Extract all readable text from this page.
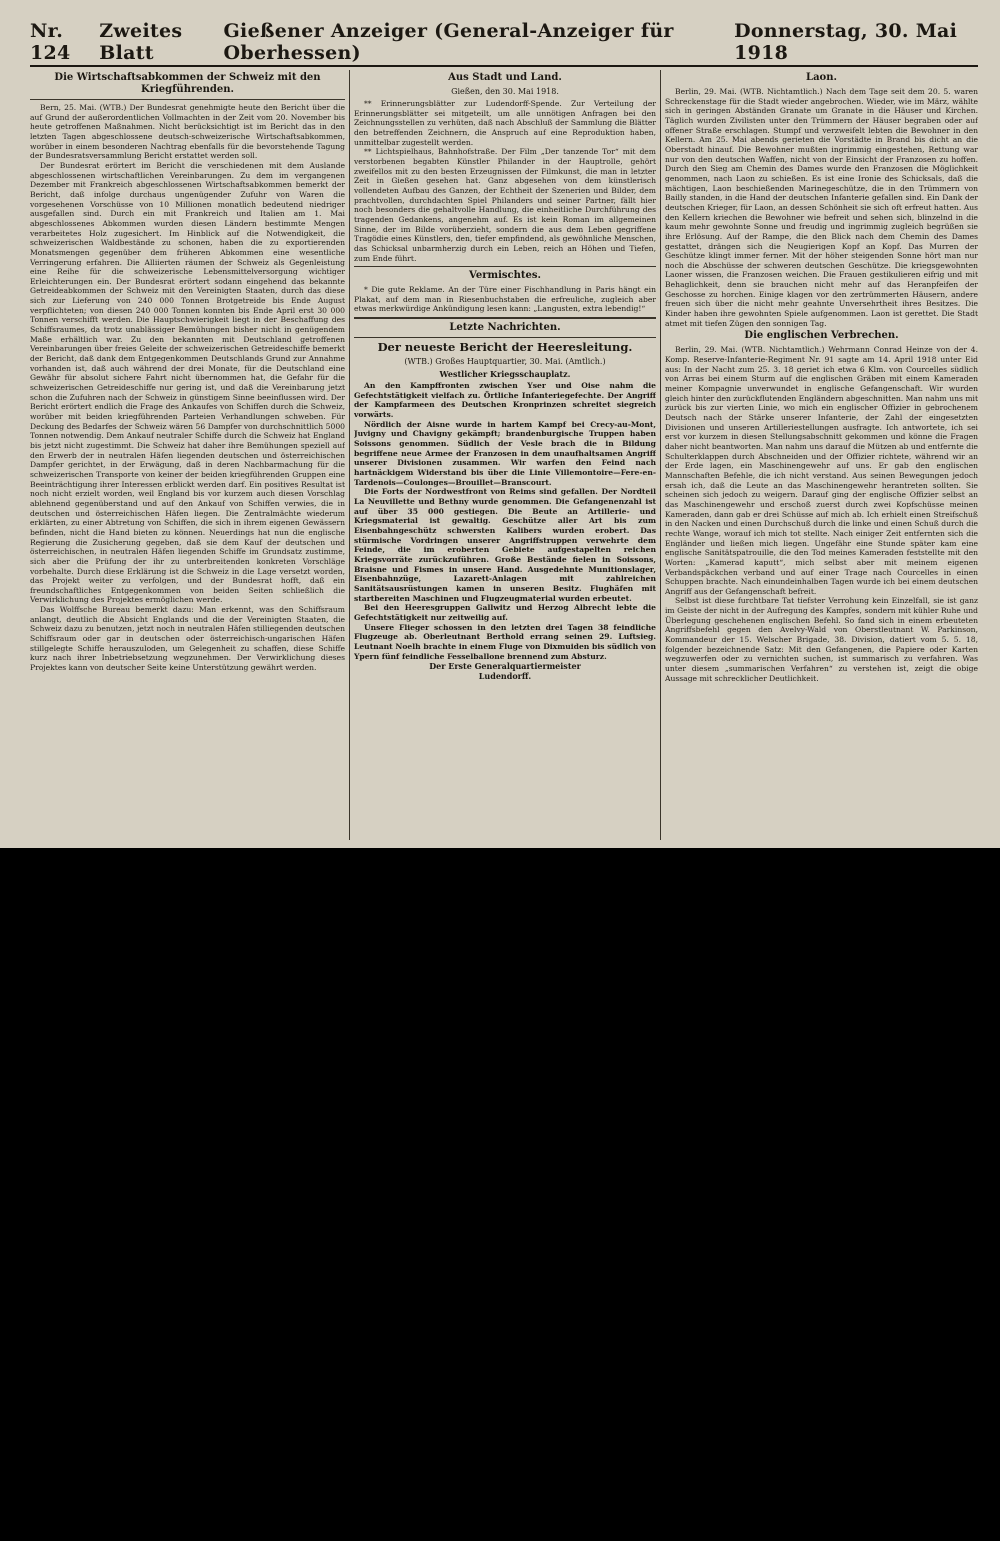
Nr. 124
Zweites Blatt
Gießener Anzeiger (General-Anzeiger für Oberhessen)
Donnerstag, 30. Mai 1918
Die Wirtschaftsabkommen der Schweiz mit den Kriegführenden.

Bern, 25. Mai. (WTB.) Der Bundesrat genehmigte heute den Bericht über die auf Grund der außerordentlichen Vollmachten in der Zeit vom 20. November bis heute getroffenen Maßnahmen. Nicht berücksichtigt ist im Bericht das in den letzten Tagen abgeschlossene deutsch-schweizerische Wirtschaftsabkommen, worüber in einem besonderen Nachtrag ebenfalls für die bevorstehende Tagung der Bundesratsversammlung Bericht erstattet werden soll.

Der Bundesrat erörtert im Bericht die verschiedenen mit dem Auslande abgeschlossenen wirtschaftlichen Vereinbarungen. Zu dem im vergangenen Dezember mit Frankreich abgeschlossenen Wirtschaftsabkommen bemerkt der Bericht, daß infolge durchaus ungenügender Zufuhr von Waren die vorgesehenen Vorschüsse von 10 Millionen monatlich bedeutend niedriger ausgefallen sind. Durch ein mit Frankreich und Italien am 1. Mai abgeschlossenes Abkommen wurden diesen Ländern bestimmte Mengen verarbeitetes Holz zugesichert. Im Hinblick auf die Notwendigkeit, die schweizerischen Waldbestände zu schonen, haben die zu exportierenden Monatsmengen gegenüber dem früheren Abkommen eine wesentliche Verringerung erfahren. Die Alliierten räumen der Schweiz als Gegenleistung eine Reihe für die schweizerische Lebensmittelversorgung wichtiger Erleichterungen ein. Der Bundesrat erörtert sodann eingehend das bekannte Getreideabkommen der Schweiz mit den Vereinigten Staaten, durch das diese sich zur Lieferung von 240 000 Tonnen Brotgetreide bis Ende August verpflichteten; von diesen 240 000 Tonnen konnten bis Ende April erst 30 000 Tonnen verschifft werden. Die Hauptschwierigkeit liegt in der Beschaffung des Schiffsraumes, da trotz unablässiger Bemühungen bisher nicht in genügendem Maße erhältlich war. Zu den bekannten mit Deutschland getroffenen Vereinbarungen über freies Geleite der schweizerischen Getreideschiffe bemerkt der Bericht, daß dank dem Entgegenkommen Deutschlands Grund zur Annahme vorhanden ist, daß auch während der drei Monate, für die Deutschland eine Gewähr für absolut sichere Fahrt nicht übernommen hat, die Gefahr für die schweizerischen Getreideschiffe nur gering ist, und daß die Vereinbarung jetzt schon die Zufuhren nach der Schweiz in günstigem Sinne beeinflussen wird. Der Bericht erörtert endlich die Frage des Ankaufes von Schiffen durch die Schweiz, worüber mit beiden kriegführenden Parteien Verhandlungen schweben. Für Deckung des Bedarfes der Schweiz wären 56 Dampfer von durchschnittlich 5000 Tonnen notwendig. Dem Ankauf neutraler Schiffe durch die Schweiz hat England bis jetzt nicht zugestimmt. Die Schweiz hat daher ihre Bemühungen speziell auf den Erwerb der in neutralen Häfen liegenden deutschen und österreichischen Dampfer gerichtet, in der Erwägung, daß in deren Nachbarmachung für die schweizerischen Transporte von keiner der beiden kriegführenden Gruppen eine Beeinträchtigung ihrer Interessen erblickt werden darf. Ein positives Resultat ist noch nicht erzielt worden, weil England bis vor kurzem auch diesen Vorschlag ablehnend gegenüberstand und auf den Ankauf von Schiffen verwies, die in deutschen und österreichischen Häfen liegen. Die Zentralmächte wiederum erklärten, zu einer Abtretung von Schiffen, die sich in ihrem eigenen Gewässern befinden, nicht die Hand bieten zu können. Neuerdings hat nun die englische Regierung die Zusicherung gegeben, daß sie dem Kauf der deutschen und österreichischen, in neutralen Häfen liegenden Schiffe im Grundsatz zustimme, sich aber die Prüfung der ihr zu unterbreitenden konkreten Vorschläge vorbehalte. Durch diese Erklärung ist die Schweiz in die Lage versetzt worden, das Projekt weiter zu verfolgen, und der Bundesrat hofft, daß ein freundschaftliches Entgegenkommen von beiden Seiten schließlich die Verwirklichung des Projektes ermöglichen werde.

Das Wolffsche Bureau bemerkt dazu: Man erkennt, was den Schiffsraum anlangt, deutlich die Absicht Englands und die der Vereinigten Staaten, die Schweiz dazu zu benutzen, jetzt noch in neutralen Häfen stilliegenden deutschen Schiffsraum oder gar in deutschen oder österreichisch-ungarischen Häfen stillgelegte Schiffe herauszuloden, um Gelegenheit zu schaffen, diese Schiffe kurz nach ihrer Inbetriebsetzung wegzunehmen. Der Verwirklichung dieses Projektes kann von deutscher Seite keine Unterstützung gewährt werden.

Aus Stadt und Land.
Gießen, den 30. Mai 1918.

** Erinnerungsblätter zur Ludendorff-Spende. Zur Verteilung der Erinnerungsblätter sei mitgeteilt, um alle unnötigen Anfragen bei den Zeichnungsstellen zu verhüten, daß nach Abschluß der Sammlung die Blätter den betreffenden Zeichnern, die Anspruch auf eine Reproduktion haben, unmittelbar zugestellt werden.

** Lichtspielhaus, Bahnhofstraße. Der Film „Der tanzende Tor“ mit dem verstorbenen begabten Künstler Philander in der Hauptrolle, gehört zweifellos mit zu den besten Erzeugnissen der Filmkunst, die man in letzter Zeit in Gießen gesehen hat. Ganz abgesehen von dem künstlerisch vollendeten Aufbau des Ganzen, der Echtheit der Szenerien und Bilder, dem prachtvollen, durchdachten Spiel Philanders und seiner Partner, fällt hier noch besonders die gehaltvolle Handlung, die einheitliche Durchführung des tragenden Gedankens, angenehm auf. Es ist kein Roman im allgemeinen Sinne, der im Bilde vorüberzieht, sondern die aus dem Leben gegriffene Tragödie eines Künstlers, den, tiefer empfindend, als gewöhnliche Menschen, das Schicksal unbarmherzig durch ein Leben, reich an Höhen und Tiefen, zum Ende führt.

Vermischtes.

* Die gute Reklame. An der Türe einer Fischhandlung in Paris hängt ein Plakat, auf dem man in Riesenbuchstaben die erfreuliche, zugleich aber etwas merkwürdige Ankündigung lesen kann: „Langusten, extra lebendig!“

Letzte Nachrichten.
Der neueste Bericht der Heeresleitung.
(WTB.) Großes Hauptquartier, 30. Mai. (Amtlich.)
Westlicher Kriegsschauplatz.

An den Kampffronten zwischen Yser und Oise nahm die Gefechtstätigkeit vielfach zu. Örtliche Infanteriegefechte. Der Angriff der Kampfarmeen des Deutschen Kronprinzen schreitet siegreich vorwärts.

Nördlich der Aisne wurde in hartem Kampf bei Crecy-au-Mont, Juvigny und Chavigny gekämpft; brandenburgische Truppen haben Soissons genommen. Südlich der Vesle brach die in Bildung begriffene neue Armee der Franzosen in dem unaufhaltsamen Angriff unserer Divisionen zusammen. Wir warfen den Feind nach hartnäckigem Widerstand bis über die Linie Villemontoire—Fere-en-Tardenois—Coulonges—Brouillet—Branscourt.

Die Forts der Nordwestfront von Reims sind gefallen. Der Nordteil La Neuvillette und Bethny wurde genommen. Die Gefangenenzahl ist auf über 35 000 gestiegen. Die Beute an Artillerie- und Kriegsmaterial ist gewaltig. Geschütze aller Art bis zum Eisenbahngeschütz schwersten Kalibers wurden erobert. Das stürmische Vordringen unserer Angriffstruppen verwehrte dem Feinde, die im eroberten Gebiete aufgestapelten reichen Kriegsvorräte zurückzuführen. Große Bestände fielen in Soissons, Braisne und Fismes in unsere Hand. Ausgedehnte Munitionslager, Eisenbahnzüge, Lazarett-Anlagen mit zahlreichen Sanitätsausrüstungen kamen in unseren Besitz. Flughäfen mit startbereiten Maschinen und Flugzeugmaterial wurden erbeutet.

Bei den Heeresgruppen Gallwitz und Herzog Albrecht lebte die Gefechtstätigkeit nur zeitweilig auf.

Unsere Flieger schossen in den letzten drei Tagen 38 feindliche Flugzeuge ab. Oberleutnant Berthold errang seinen 29. Luftsieg. Leutnant Noelh brachte in einem Fluge von Dixmuiden bis südlich von Ypern fünf feindliche Fesselballone brennend zum Absturz.

Der Erste Generalquartiermeister
Ludendorff.
Laon.

Berlin, 29. Mai. (WTB. Nichtamtlich.) Nach dem Tage seit dem 20. 5. waren Schreckenstage für die Stadt wieder angebrochen. Wieder, wie im März, wählte sich in geringen Abständen Granate um Granate in die Häuser und Kirchen. Täglich wurden Zivilisten unter den Trümmern der Häuser begraben oder auf offener Straße erschlagen. Stumpf und verzweifelt lebten die Bewohner in den Kellern. Am 25. Mai abends gerieten die Vorstädte in Brand bis dicht an die Oberstadt hinauf. Die Bewohner mußten ingrimmig eingestehen, Rettung war nur von den deutschen Waffen, nicht von der Einsicht der Franzosen zu hoffen. Durch den Sieg am Chemin des Dames wurde den Franzosen die Möglichkeit genommen, nach Laon zu schießen. Es ist eine Ironie des Schicksals, daß die mächtigen, Laon beschießenden Marinegeschütze, die in den Trümmern von Bailly standen, in die Hand der deutschen Infanterie gefallen sind. Ein Dank der deutschen Krieger, für Laon, an dessen Schönheit sie sich oft erfreut hatten. Aus den Kellern kriechen die Bewohner wie befreit und sehen sich, blinzelnd in die kaum mehr gewohnte Sonne und freudig und ingrimmig zugleich begrüßen sie ihre Erlösung. Auf der Rampe, die den Blick nach dem Chemin des Dames gestattet, drängen sich die Neugierigen Kopf an Kopf. Das Murren der Geschütze klingt immer ferner. Mit der höher steigenden Sonne hört man nur noch die Abschüsse der schweren deutschen Geschütze. Die kriegsgewohnten Laoner wissen, die Franzosen weichen. Die Frauen gestikulieren eifrig und mit Behaglichkeit, denn sie brauchen nicht mehr auf das Heranpfeifen der Geschosse zu horchen. Einige klagen vor den zertrümmerten Häusern, andere freuen sich über die nicht mehr geahnte Unversehrtheit ihres Besitzes. Die Kinder haben ihre gewohnten Spiele aufgenommen. Laon ist gerettet. Die Stadt atmet mit tiefen Zügen den sonnigen Tag.

Die englischen Verbrechen.

Berlin, 29. Mai. (WTB. Nichtamtlich.) Wehrmann Conrad Heinze von der 4. Komp. Reserve-Infanterie-Regiment Nr. 91 sagte am 14. April 1918 unter Eid aus: In der Nacht zum 25. 3. 18 geriet ich etwa 6 Klm. von Courcelles südlich von Arras bei einem Sturm auf die englischen Gräben mit einem Kameraden meiner Kompagnie unverwundet in englische Gefangenschaft. Wir wurden gleich hinter den zurückflutenden Engländern abgeschnitten. Man nahm uns mit zurück bis zur vierten Linie, wo mich ein englischer Offizier in gebrochenem Deutsch nach der Stärke unserer Infanterie, der Zahl der eingesetzten Divisionen und unseren Artilleriestellungen ausfragte. Ich antwortete, ich sei erst vor kurzem in diesen Stellungsabschnitt gekommen und könne die Fragen daher nicht beantworten. Man nahm uns darauf die Mützen ab und entfernte die Schulterklappen durch Abschneiden und der Offizier richtete, während wir an der Erde lagen, ein Maschinengewehr auf uns. Er gab den englischen Mannschaften Befehle, die ich nicht verstand. Aus seinen Bewegungen jedoch ersah ich, daß die Leute an das Maschinengewehr herantreten sollten. Sie scheinen sich jedoch zu weigern. Darauf ging der englische Offizier selbst an das Maschinengewehr und erschoß zuerst durch zwei Kopfschüsse meinen Kameraden, dann gab er drei Schüsse auf mich ab. Ich erhielt einen Streifschuß in den Nacken und einen Durchschuß durch die linke und einen Schuß durch die rechte Wange, worauf ich mich tot stellte. Nach einiger Zeit entfernten sich die Engländer und ließen mich liegen. Ungefähr eine Stunde später kam eine englische Sanitätspatrouille, die den Tod meines Kameraden feststellte mit den Worten: „Kamerad kaputt“, mich selbst aber mit meinem eigenen Verbandspäckchen verband und auf einer Trage nach Courcelles in einen Schuppen brachte. Nach einundeinhalben Tagen wurde ich bei einem deutschen Angriff aus der Gefangenschaft befreit.

Selbst ist diese furchtbare Tat tiefster Verrohung kein Einzelfall, sie ist ganz im Geiste der nicht in der Aufregung des Kampfes, sondern mit kühler Ruhe und Überlegung geschehenen englischen Befehl. So fand sich in einem erbeuteten Angriffsbefehl gegen den Avelvy-Wald von Oberstleutnant W. Parkinson, Kommandeur der 15. Welscher Brigade, 38. Division, datiert vom 5. 5. 18, folgender bezeichnende Satz: Mit den Gefangenen, die Papiere oder Karten wegzuwerfen oder zu vernichten suchen, ist summarisch zu verfahren. Was unter diesem „summarischen Verfahren“ zu verstehen ist, zeigt die obige Aussage mit schrecklicher Deutlichkeit.
